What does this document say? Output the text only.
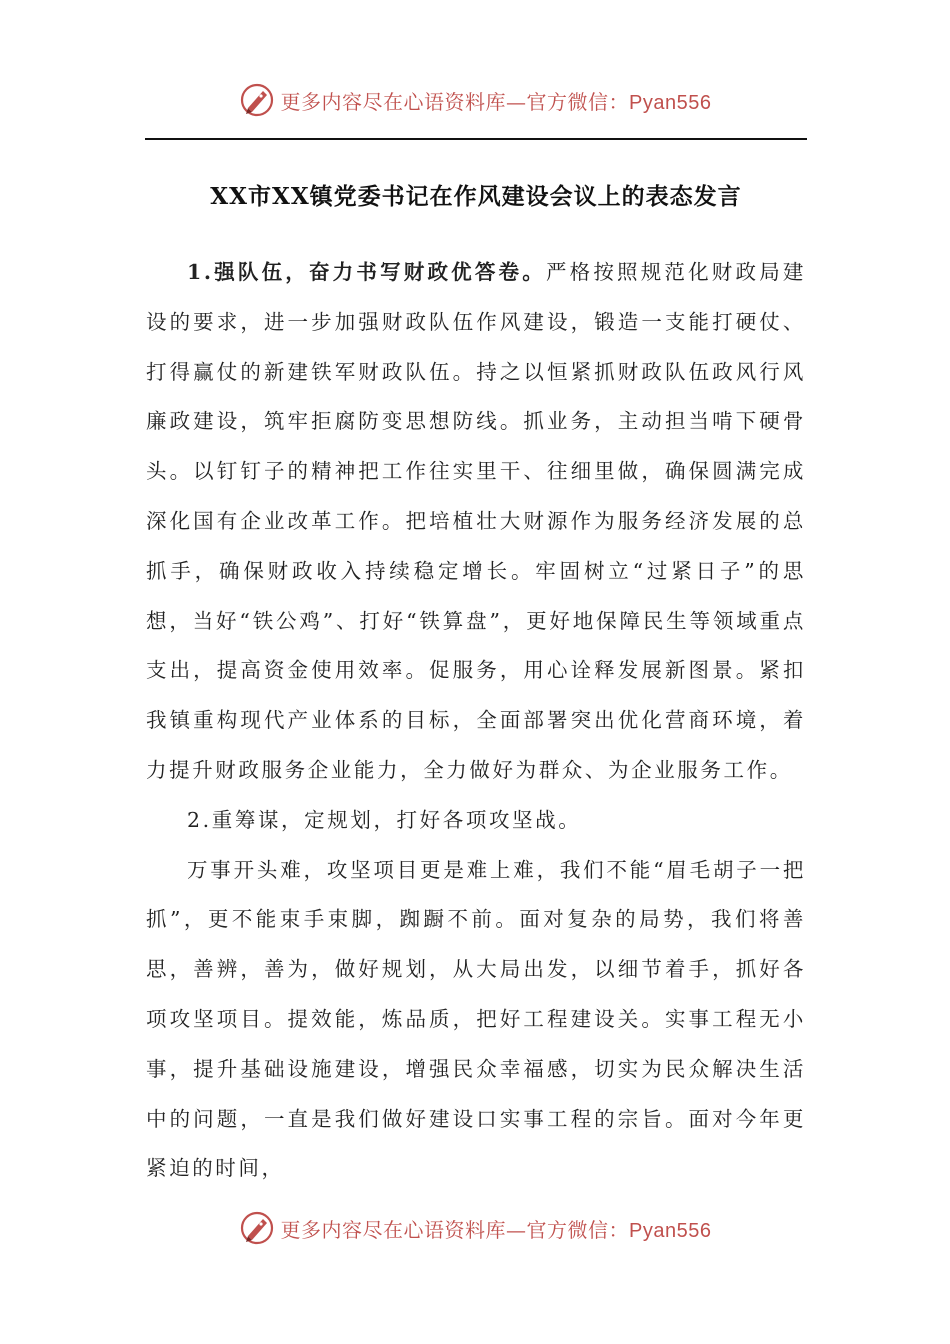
更多内容尽在心语资料库—官方微信：Pyan556
XX市XX镇党委书记在作风建设会议上的表态发言

1.强队伍，奋力书写财政优答卷。严格按照规范化财政局建设的要求，进一步加强财政队伍作风建设，锻造一支能打硬仗、打得赢仗的新建铁军财政队伍。持之以恒紧抓财政队伍政风行风廉政建设，筑牢拒腐防变思想防线。抓业务，主动担当啃下硬骨头。以钉钉子的精神把工作往实里干、往细里做，确保圆满完成深化国有企业改革工作。把培植壮大财源作为服务经济发展的总抓手，确保财政收入持续稳定增长。牢固树立“过紧日子”的思想，当好“铁公鸡”、打好“铁算盘”，更好地保障民生等领域重点支出，提高资金使用效率。促服务，用心诠释发展新图景。紧扣我镇重构现代产业体系的目标，全面部署突出优化营商环境，着力提升财政服务企业能力，全力做好为群众、为企业服务工作。

2.重筹谋，定规划，打好各项攻坚战。

万事开头难，攻坚项目更是难上难，我们不能“眉毛胡子一把抓”，更不能束手束脚，踟蹰不前。面对复杂的局势，我们将善思，善辨，善为，做好规划，从大局出发，以细节着手，抓好各项攻坚项目。提效能，炼品质，把好工程建设关。实事工程无小事，提升基础设施建设，增强民众幸福感，切实为民众解决生活中的问题，一直是我们做好建设口实事工程的宗旨。面对今年更紧迫的时间，

更多内容尽在心语资料库—官方微信：Pyan556
